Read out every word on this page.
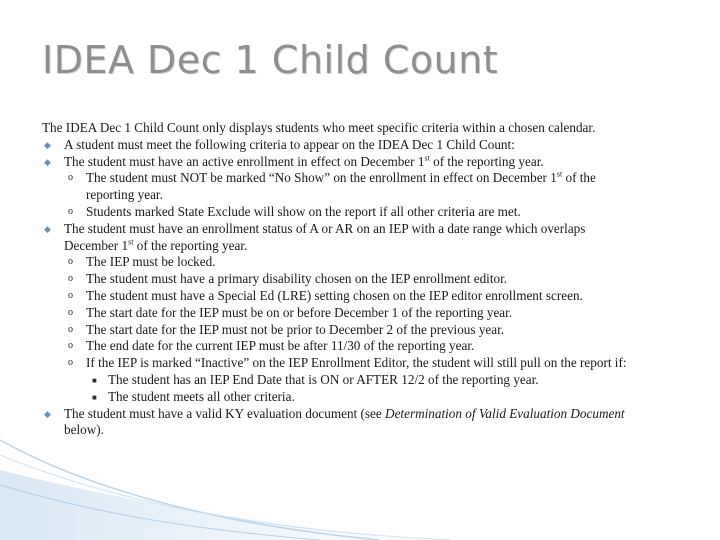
IDEA Dec 1 Child Count
The IDEA Dec 1 Child Count only displays students who meet specific criteria within a chosen calendar.
◆ A student must meet the following criteria to appear on the IDEA Dec 1 Child Count:
◆ The student must have an active enrollment in effect on December 1st of the reporting year.
o The student must NOT be marked “No Show” on the enrollment in effect on December 1st of the
reporting year.
o Students marked State Exclude will show on the report if all other criteria are met.
◆ The student must have an enrollment status of A or AR on an IEP with a date range which overlaps
December 1st of the reporting year.
o The IEP must be locked.
o The student must have a primary disability chosen on the IEP enrollment editor.
o The student must have a Special Ed (LRE) setting chosen on the IEP editor enrollment screen.
o The start date for the IEP must be on or before December 1 of the reporting year.
o The start date for the IEP must not be prior to December 2 of the previous year.
o The end date for the current IEP must be after 11/30 of the reporting year.
o If the IEP is marked “Inactive” on the IEP Enrollment Editor, the student will still pull on the report if:
■ The student has an IEP End Date that is ON or AFTER 12/2 of the reporting year.
■ The student meets all other criteria.
◆ The student must have a valid KY evaluation document (see Determination of Valid Evaluation Document
below).
